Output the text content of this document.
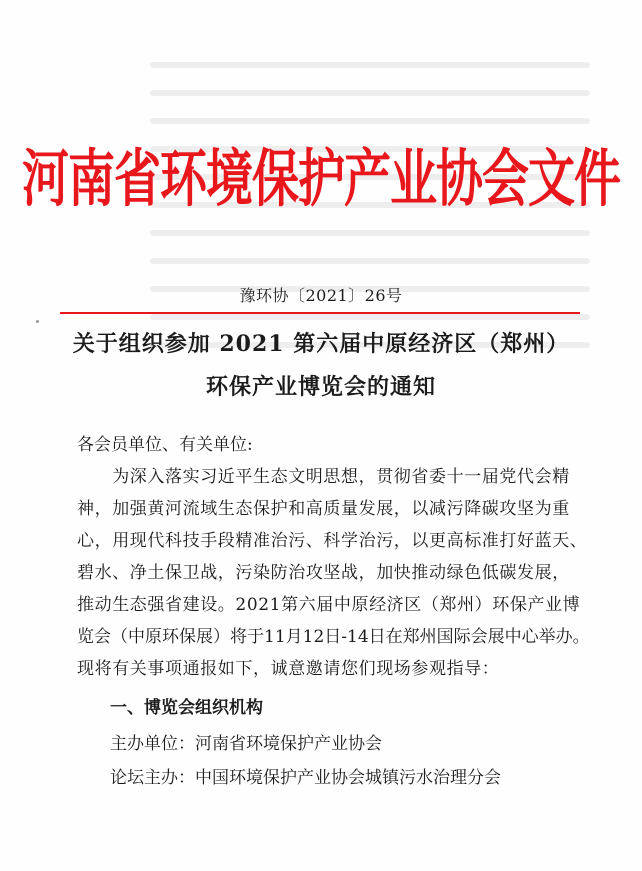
河南省环境保护产业协会文件
豫环协〔2021〕26号
关于组织参加 2021 第六届中原经济区（郑州）
环保产业博览会的通知
各会员单位、有关单位:
　　为深入落实习近平生态文明思想，贯彻省委十一届党代会精
神，加强黄河流域生态保护和高质量发展，以减污降碳攻坚为重
心，用现代科技手段精准治污、科学治污，以更高标准打好蓝天、
碧水、净土保卫战，污染防治攻坚战，加快推动绿色低碳发展，
推动生态强省建设。2021第六届中原经济区（郑州）环保产业博
览会（中原环保展）将于11月12日-14日在郑州国际会展中心举办。
现将有关事项通报如下，诚意邀请您们现场参观指导：
一、博览会组织机构
主办单位：河南省环境保护产业协会
论坛主办：中国环境保护产业协会城镇污水治理分会
